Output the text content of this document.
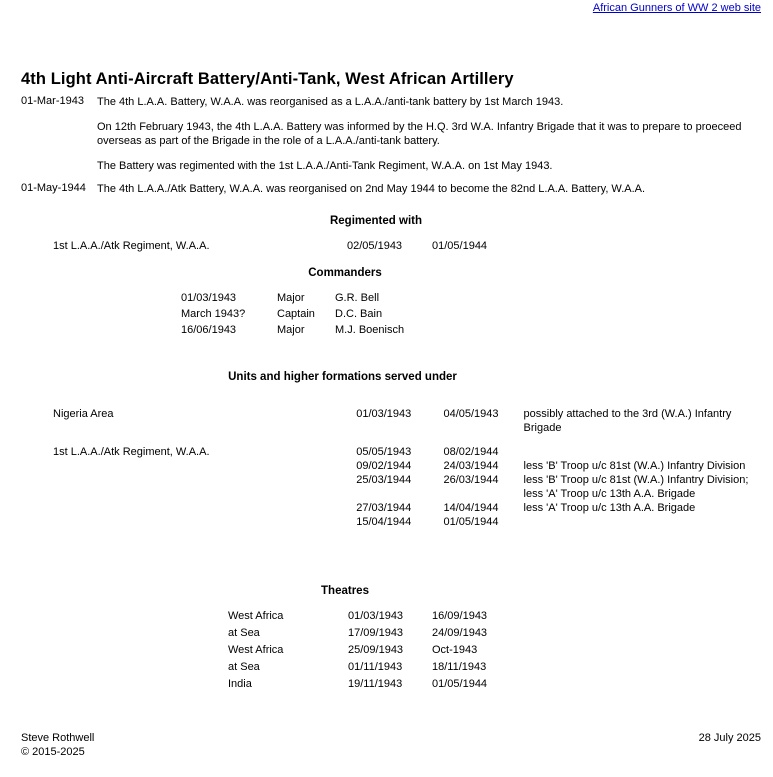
African Gunners of WW 2 web site
4th Light Anti-Aircraft Battery/Anti-Tank, West African Artillery
01-Mar-1943	The 4th L.A.A. Battery, W.A.A. was reorganised as a L.A.A./anti-tank battery by 1st March 1943.

On 12th February 1943, the 4th L.A.A. Battery was informed by the H.Q. 3rd W.A. Infantry Brigade that it was to prepare to proeceed overseas as part of the Brigade in the role of a L.A.A./anti-tank battery.

The Battery was regimented with the 1st L.A.A./Anti-Tank Regiment, W.A.A. on 1st May 1943.

01-May-1944	The 4th L.A.A./Atk Battery, W.A.A. was reorganised on 2nd May 1944 to become the 82nd L.A.A. Battery, W.A.A.

Regimented with
1st L.A.A./Atk Regiment, W.A.A.	02/05/1943	01/05/1944
Commanders
01/03/1943	Major	G.R. Bell
March 1943?	Captain	D.C. Bain
16/06/1943	Major	M.J. Boenisch
Units and higher formations served under
Nigeria Area	01/03/1943	04/05/1943	possibly attached to the 3rd (W.A.) Infantry Brigade
1st L.A.A./Atk Regiment, W.A.A.	05/05/1943	08/02/1944	
	09/02/1944	24/03/1944	less 'B' Troop u/c 81st (W.A.) Infantry Division
	25/03/1944	26/03/1944	less 'B' Troop u/c 81st (W.A.) Infantry Division; less 'A' Troop u/c 13th A.A. Brigade
	27/03/1944	14/04/1944	less 'A' Troop u/c 13th A.A. Brigade
	15/04/1944	01/05/1944	
Theatres
West Africa	01/03/1943	16/09/1943
at Sea	17/09/1943	24/09/1943
West Africa	25/09/1943	Oct-1943
at Sea	01/11/1943	18/11/1943
India	19/11/1943	01/05/1944
Steve Rothwell	28 July 2025
© 2015-2025
